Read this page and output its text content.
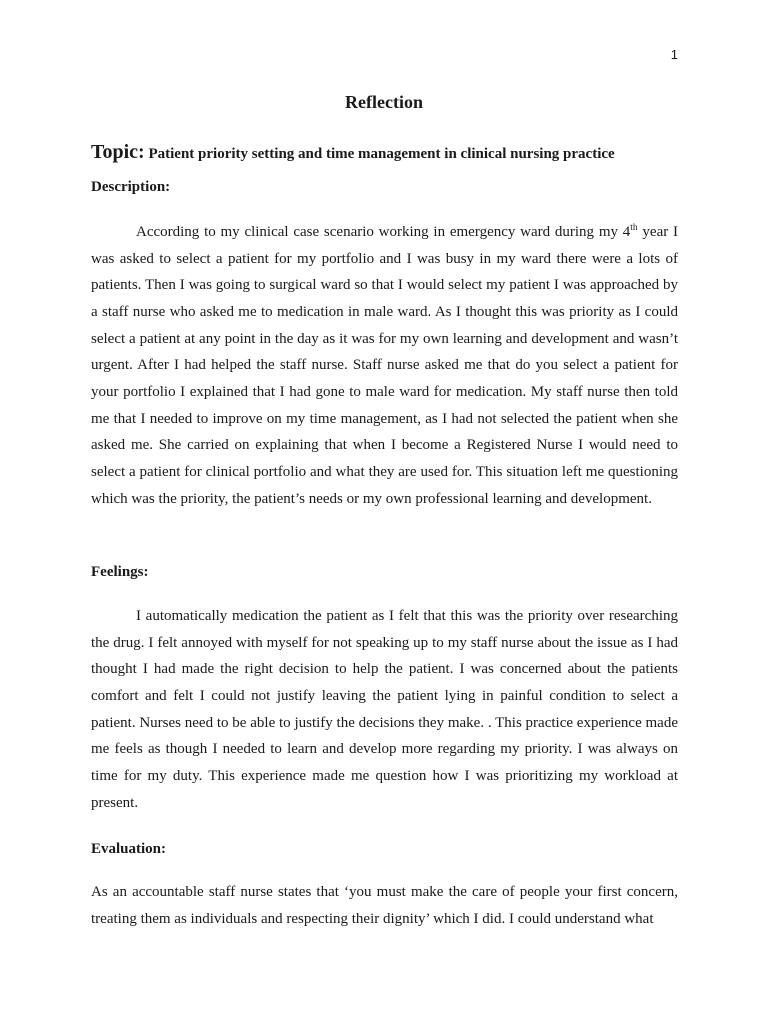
1
Reflection
Topic: Patient priority setting and time management in clinical nursing practice
Description:

According to my clinical case scenario working in emergency ward during my 4th year I was asked to select a patient for my portfolio and I was busy in my ward there were a lots of patients. Then I was going to surgical ward so that I would select my patient I was approached by a staff nurse who asked me to medication in male ward. As I thought this was priority as I could select a patient at any point in the day as it was for my own learning and development and wasn’t urgent. After I had helped the staff nurse. Staff nurse asked me that do you select a patient for your portfolio I explained that I had gone to male ward for medication. My staff nurse then told me that I needed to improve on my time management, as I had not selected the patient when she asked me. She carried on explaining that when I become a Registered Nurse I would need to select a patient for clinical portfolio and what they are used for. This situation left me questioning which was the priority, the patient’s needs or my own professional learning and development.

Feelings:

I automatically medication the patient as I felt that this was the priority over researching the drug. I felt annoyed with myself for not speaking up to my staff nurse about the issue as I had thought I had made the right decision to help the patient. I was concerned about the patients comfort and felt I could not justify leaving the patient lying in painful condition to select a patient. Nurses need to be able to justify the decisions they make. . This practice experience made me feels as though I needed to learn and develop more regarding my priority. I was always on time for my duty. This experience made me question how I was prioritizing my workload at present.

Evaluation:

As an accountable staff nurse states that ‘you must make the care of people your first concern, treating them as individuals and respecting their dignity’ which I did. I could understand what
